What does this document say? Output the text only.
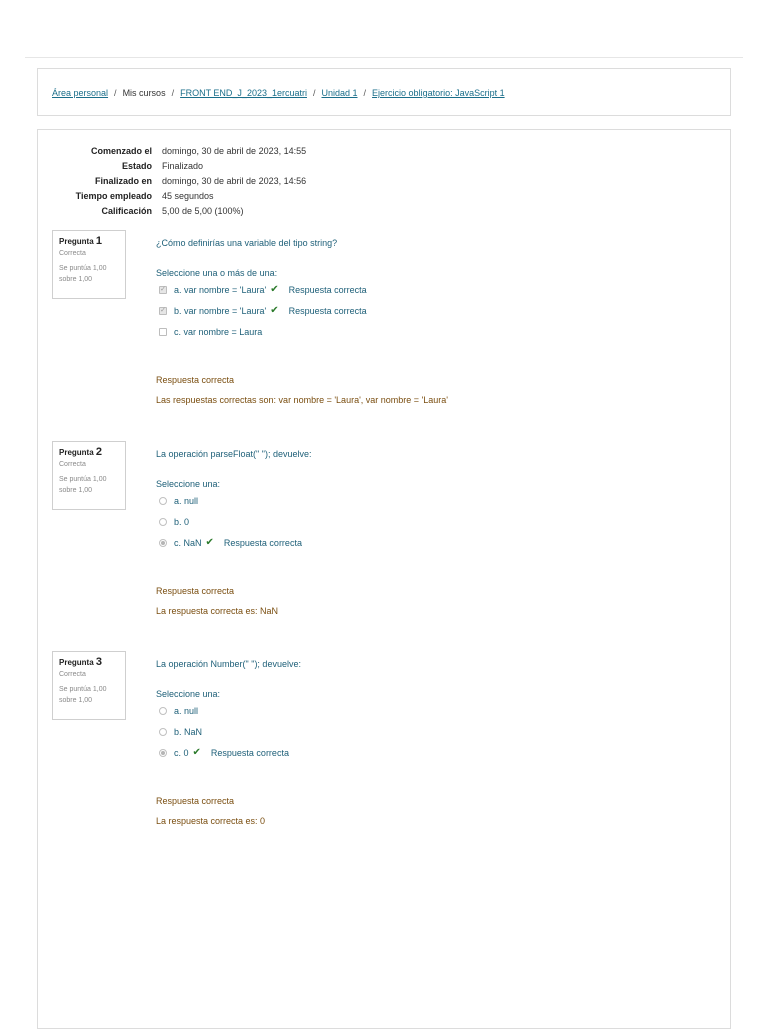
Área personal / Mis cursos / FRONT END_J_2023_1ercuatri / Unidad 1 / Ejercicio obligatorio: JavaScript 1
Comenzado el	domingo, 30 de abril de 2023, 14:55
Estado	Finalizado
Finalizado en	domingo, 30 de abril de 2023, 14:56
Tiempo empleado	45 segundos
Calificación	5,00 de 5,00 (100%)
Pregunta 1
Correcta
Se puntúa 1,00
sobre 1,00
¿Cómo definirías una variable del tipo string?
Seleccione una o más de una:
✓ a. var nombre = 'Laura' ✔ Respuesta correcta
✓ b. var nombre = 'Laura' ✔ Respuesta correcta
c. var nombre = Laura
Respuesta correcta
Las respuestas correctas son: var nombre = 'Laura', var nombre = 'Laura'
Pregunta 2
Correcta
Se puntúa 1,00
sobre 1,00
La operación parseFloat(" "); devuelve:
Seleccione una:
a. null
b. 0
c. NaN ✔ Respuesta correcta
Respuesta correcta
La respuesta correcta es: NaN
Pregunta 3
Correcta
Se puntúa 1,00
sobre 1,00
La operación Number(" "); devuelve:
Seleccione una:
a. null
b. NaN
c. 0 ✔ Respuesta correcta
Respuesta correcta
La respuesta correcta es: 0
